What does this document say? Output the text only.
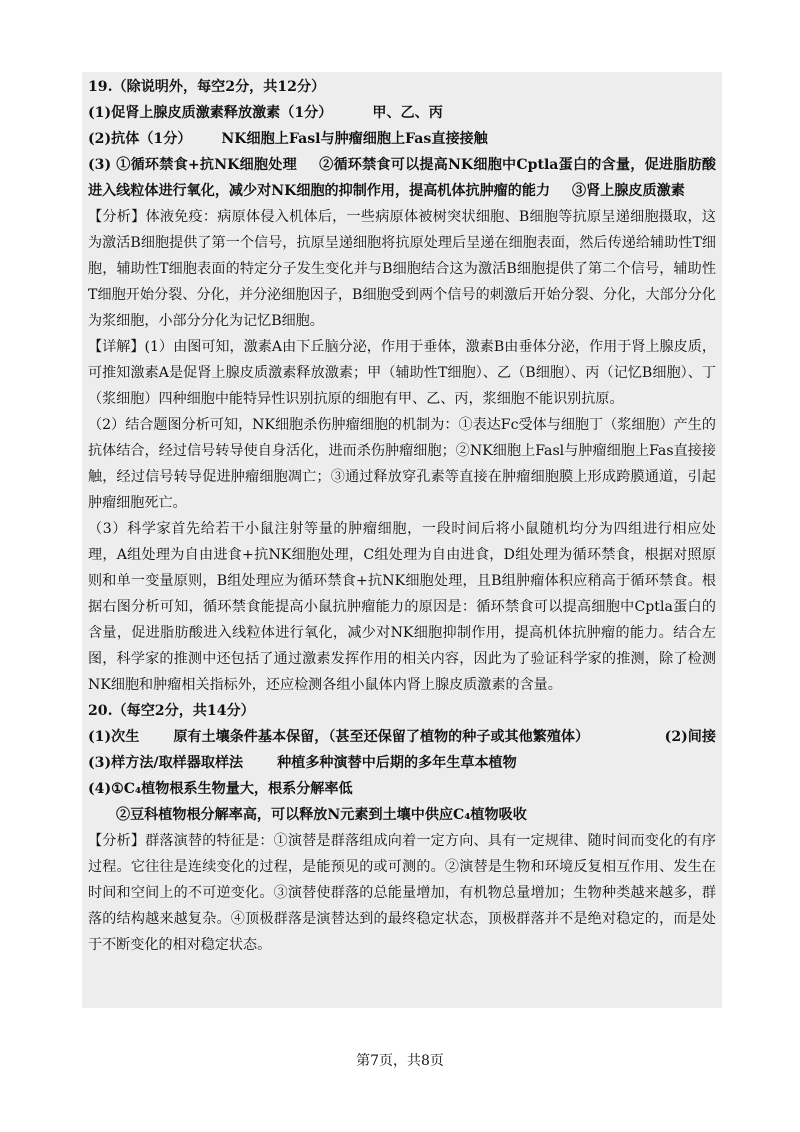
19.（除说明外，每空2分，共12分）

(1)促肾上腺皮质激素释放激素（1分）	甲、乙、丙

(2)抗体（1分） NK细胞上Fasl与肿瘤细胞上Fas直接接触

(3) ①循环禁食+抗NK细胞处理 ②循环禁食可以提高NK细胞中Cptla蛋白的含量，促进脂肪酸进入线粒体进行氧化，减少对NK细胞的抑制作用，提高机体抗肿瘤的能力 ③肾上腺皮质激素

【分析】体液免疫：病原体侵入机体后，一些病原体被树突状细胞、B细胞等抗原呈递细胞摄取，这为激活B细胞提供了第一个信号，抗原呈递细胞将抗原处理后呈递在细胞表面，然后传递给辅助性T细胞，辅助性T细胞表面的特定分子发生变化并与B细胞结合这为激活B细胞提供了第二个信号，辅助性T细胞开始分裂、分化，并分泌细胞因子，B细胞受到两个信号的刺激后开始分裂、分化，大部分分化为浆细胞，小部分分化为记忆B细胞。

【详解】(1）由图可知，激素A由下丘脑分泌，作用于垂体，激素B由垂体分泌，作用于肾上腺皮质，可推知激素A是促肾上腺皮质激素释放激素；甲（辅助性T细胞）、乙（B细胞）、丙（记忆B细胞）、丁（浆细胞）四种细胞中能特异性识别抗原的细胞有甲、乙、丙，浆细胞不能识别抗原。

（2）结合题图分析可知，NK细胞杀伤肿瘤细胞的机制为：①表达Fc受体与细胞丁（浆细胞）产生的抗体结合，经过信号转导使自身活化，进而杀伤肿瘤细胞；②NK细胞上Fasl与肿瘤细胞上Fas直接接触，经过信号转导促进肿瘤细胞凋亡；③通过释放穿孔素等直接在肿瘤细胞膜上形成跨膜通道，引起肿瘤细胞死亡。

（3）科学家首先给若干小鼠注射等量的肿瘤细胞，一段时间后将小鼠随机均分为四组进行相应处理，A组处理为自由进食+抗NK细胞处理，C组处理为自由进食，D组处理为循环禁食，根据对照原则和单一变量原则，B组处理应为循环禁食+抗NK细胞处理，且B组肿瘤体积应稍高于循环禁食。根据右图分析可知，循环禁食能提高小鼠抗肿瘤能力的原因是：循环禁食可以提高细胞中Cptla蛋白的含量，促进脂肪酸进入线粒体进行氧化，减少对NK细胞抑制作用，提高机体抗肿瘤的能力。结合左图，科学家的推测中还包括了通过激素发挥作用的相关内容，因此为了验证科学家的推测，除了检测NK细胞和肿瘤相关指标外，还应检测各组小鼠体内肾上腺皮质激素的含量。

20.（每空2分，共14分）

(1)次生 原有土壤条件基本保留，（甚至还保留了植物的种子或其他繁殖体）	(2)间接

(3)样方法/取样器取样法 种植多种演替中后期的多年生草本植物

(4)①C₄植物根系生物量大，根系分解率低

②豆科植物根分解率高，可以释放N元素到土壤中供应C₄植物吸收

【分析】群落演替的特征是：①演替是群落组成向着一定方向、具有一定规律、随时间而变化的有序过程。它往往是连续变化的过程，是能预见的或可测的。②演替是生物和环境反复相互作用、发生在时间和空间上的不可逆变化。③演替使群落的总能量增加，有机物总量增加；生物种类越来越多，群落的结构越来越复杂。④顶极群落是演替达到的最终稳定状态，顶极群落并不是绝对稳定的，而是处于不断变化的相对稳定状态。

第7页，共8页
